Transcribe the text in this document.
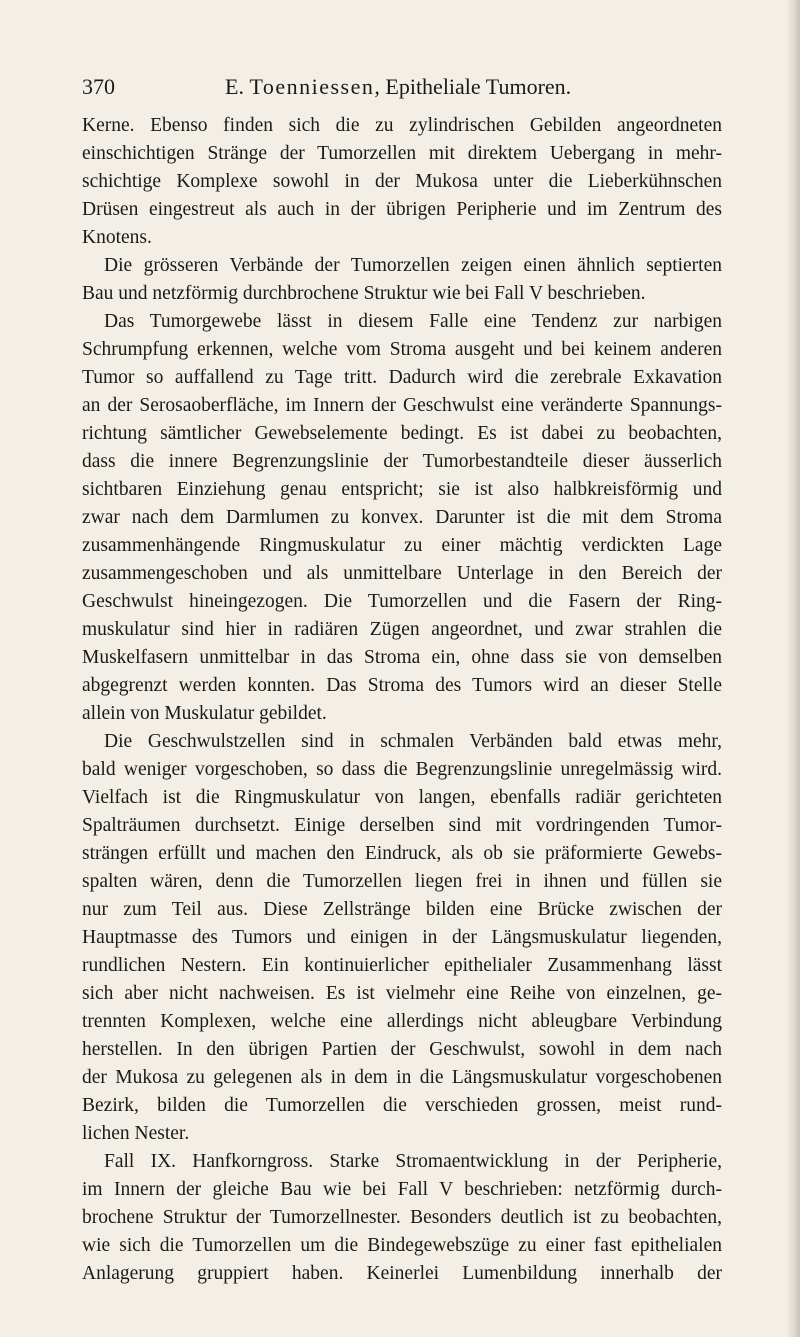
370	E. Toenniessen, Epitheliale Tumoren.
Kerne. Ebenso finden sich die zu zylindrischen Gebilden angeordneten
einschichtigen Stränge der Tumorzellen mit direktem Uebergang in mehr-
schichtige Komplexe sowohl in der Mukosa unter die Lieberkühnschen
Drüsen eingestreut als auch in der übrigen Peripherie und im Zentrum des
Knotens.
Die grösseren Verbände der Tumorzellen zeigen einen ähnlich septierten
Bau und netzförmig durchbrochene Struktur wie bei Fall V beschrieben.
Das Tumorgewebe lässt in diesem Falle eine Tendenz zur narbigen
Schrumpfung erkennen, welche vom Stroma ausgeht und bei keinem anderen
Tumor so auffallend zu Tage tritt. Dadurch wird die zerebrale Exkavation
an der Serosaoberfläche, im Innern der Geschwulst eine veränderte Spannungs-
richtung sämtlicher Gewebselemente bedingt. Es ist dabei zu beobachten,
dass die innere Begrenzungslinie der Tumorbestandteile dieser äusserlich
sichtbaren Einziehung genau entspricht; sie ist also halbkreisförmig und
zwar nach dem Darmlumen zu konvex. Darunter ist die mit dem Stroma
zusammenhängende Ringmuskulatur zu einer mächtig verdickten Lage
zusammengeschoben und als unmittelbare Unterlage in den Bereich der
Geschwulst hineingezogen. Die Tumorzellen und die Fasern der Ring-
muskulatur sind hier in radiären Zügen angeordnet, und zwar strahlen die
Muskelfasern unmittelbar in das Stroma ein, ohne dass sie von demselben
abgegrenzt werden konnten. Das Stroma des Tumors wird an dieser Stelle
allein von Muskulatur gebildet.
Die Geschwulstzellen sind in schmalen Verbänden bald etwas mehr,
bald weniger vorgeschoben, so dass die Begrenzungslinie unregelmässig wird.
Vielfach ist die Ringmuskulatur von langen, ebenfalls radiär gerichteten
Spalträumen durchsetzt. Einige derselben sind mit vordringenden Tumor-
strängen erfüllt und machen den Eindruck, als ob sie präformierte Gewebs-
spalten wären, denn die Tumorzellen liegen frei in ihnen und füllen sie
nur zum Teil aus. Diese Zellstränge bilden eine Brücke zwischen der
Hauptmasse des Tumors und einigen in der Längsmuskulatur liegenden,
rundlichen Nestern. Ein kontinuierlicher epithelialer Zusammenhang lässt
sich aber nicht nachweisen. Es ist vielmehr eine Reihe von einzelnen, ge-
trennten Komplexen, welche eine allerdings nicht ableugbare Verbindung
herstellen. In den übrigen Partien der Geschwulst, sowohl in dem nach
der Mukosa zu gelegenen als in dem in die Längsmuskulatur vorgeschobenen
Bezirk, bilden die Tumorzellen die verschieden grossen, meist rund-
lichen Nester.
Fall IX. Hanfkorngross. Starke Stromaentwicklung in der Peripherie,
im Innern der gleiche Bau wie bei Fall V beschrieben: netzförmig durch-
brochene Struktur der Tumorzellnester. Besonders deutlich ist zu beobachten,
wie sich die Tumorzellen um die Bindegewebszüge zu einer fast epithelialen
Anlagerung gruppiert haben. Keinerlei Lumenbildung innerhalb der
